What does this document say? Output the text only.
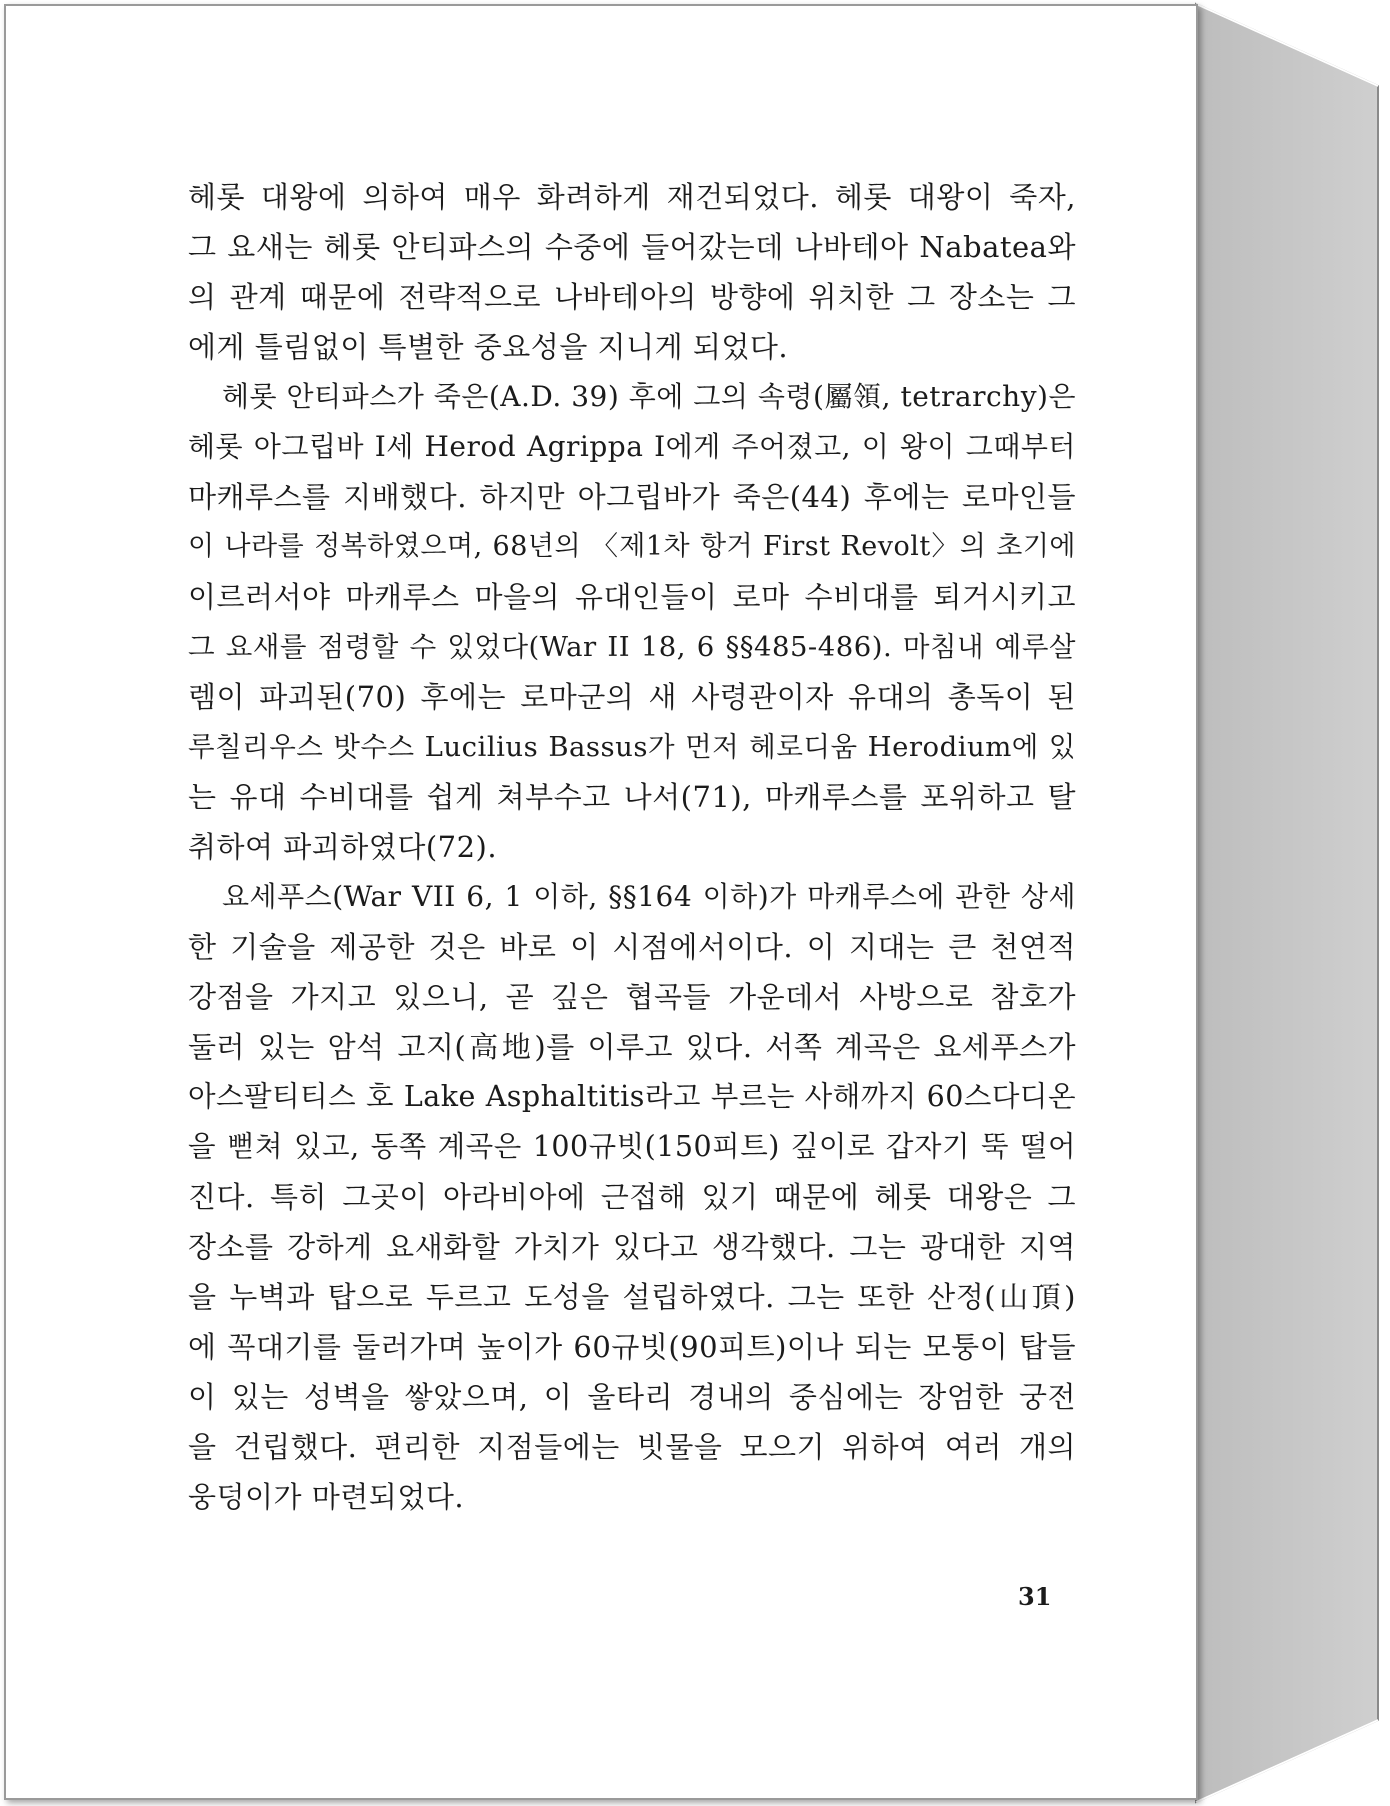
헤롯 대왕에 의하여 매우 화려하게 재건되었다. 헤롯 대왕이 죽자,
그 요새는 헤롯 안티파스의 수중에 들어갔는데 나바테아 Nabatea와
의 관계 때문에 전략적으로 나바테아의 방향에 위치한 그 장소는 그
에게 틀림없이 특별한 중요성을 지니게 되었다.
헤롯 안티파스가 죽은(A.D. 39) 후에 그의 속령(屬領, tetrarchy)은
헤롯 아그립바 I세 Herod Agrippa I에게 주어졌고, 이 왕이 그때부터
마캐루스를 지배했다. 하지만 아그립바가 죽은(44) 후에는 로마인들
이 나라를 정복하였으며, 68년의 〈제1차 항거 First Revolt〉의 초기에
이르러서야 마캐루스 마을의 유대인들이 로마 수비대를 퇴거시키고
그 요새를 점령할 수 있었다(War II 18, 6 §§485-486). 마침내 예루살
렘이 파괴된(70) 후에는 로마군의 새 사령관이자 유대의 총독이 된
루칠리우스 밧수스 Lucilius Bassus가 먼저 헤로디움 Herodium에 있
는 유대 수비대를 쉽게 쳐부수고 나서(71), 마캐루스를 포위하고 탈
취하여 파괴하였다(72).
요세푸스(War VII 6, 1 이하, §§164 이하)가 마캐루스에 관한 상세
한 기술을 제공한 것은 바로 이 시점에서이다. 이 지대는 큰 천연적
강점을 가지고 있으니, 곧 깊은 협곡들 가운데서 사방으로 참호가
둘러 있는 암석 고지(高地)를 이루고 있다. 서쪽 계곡은 요세푸스가
아스팔티티스 호 Lake Asphaltitis라고 부르는 사해까지 60스다디온
을 뻗쳐 있고, 동쪽 계곡은 100규빗(150피트) 깊이로 갑자기 뚝 떨어
진다. 특히 그곳이 아라비아에 근접해 있기 때문에 헤롯 대왕은 그
장소를 강하게 요새화할 가치가 있다고 생각했다. 그는 광대한 지역
을 누벽과 탑으로 두르고 도성을 설립하였다. 그는 또한 산정(山頂)
에 꼭대기를 둘러가며 높이가 60규빗(90피트)이나 되는 모퉁이 탑들
이 있는 성벽을 쌓았으며, 이 울타리 경내의 중심에는 장엄한 궁전
을 건립했다. 편리한 지점들에는 빗물을 모으기 위하여 여러 개의
웅덩이가 마련되었다.
31
